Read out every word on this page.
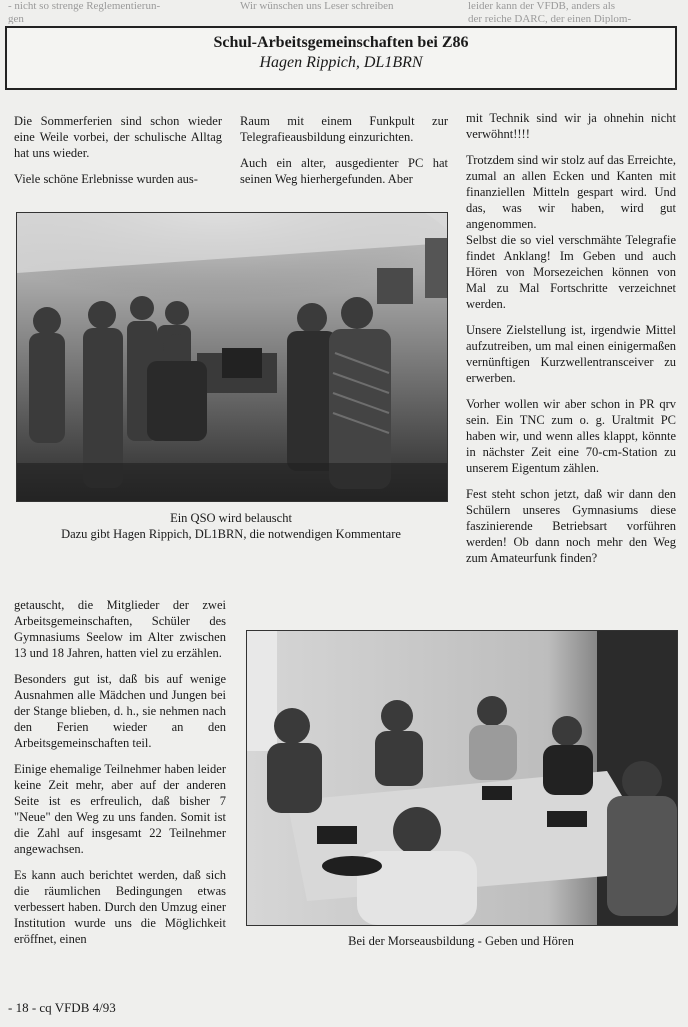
- nicht so strenge Reglementierun-
gen

Wir wünschen uns Leser schreiben	leider kann der VFDB, anders als
der reiche DARC, der einen Diplom-

Schul-Arbeitsgemeinschaften bei Z86
Hagen Rippich, DL1BRN

Die Sommerferien sind schon wieder eine Weile vorbei, der schulische Alltag hat uns wieder.

Viele schöne Erlebnisse wurden aus-

Raum mit einem Funkpult zur Telegrafieausbildung einzurichten.

Auch ein alter, ausgedienter PC hat seinen Weg hierhergefunden. Aber

mit Technik sind wir ja ohnehin nicht verwöhnt!!!!

Trotzdem sind wir stolz auf das Erreichte, zumal an allen Ecken und Kanten mit finanziellen Mitteln gespart wird. Und das, was wir haben, wird gut angenommen.

Selbst die so viel verschmähte Telegrafie findet Anklang! Im Geben und auch Hören von Morsezeichen können von Mal zu Mal Fortschritte verzeichnet werden.

Unsere Zielstellung ist, irgendwie Mittel aufzutreiben, um mal einen einigermaßen vernünftigen Kurzwellentransceiver zu erwerben.

Vorher wollen wir aber schon in PR qrv sein. Ein TNC zum o. g. Uraltmit PC haben wir, und wenn alles klappt, könnte in nächster Zeit eine 70-cm-Station zu unserem Eigentum zählen.

Fest steht schon jetzt, daß wir dann den Schülern unseres Gymnasiums diese faszinierende Betriebsart vorführen werden! Ob dann noch mehr den Weg zum Amateurfunk finden?

Ein QSO wird belauscht
Dazu gibt Hagen Rippich, DL1BRN, die notwendigen Kommentare

getauscht, die Mitglieder der zwei Arbeitsgemeinschaften, Schüler des Gymnasiums Seelow im Alter zwischen 13 und 18 Jahren, hatten viel zu erzählen.

Besonders gut ist, daß bis auf wenige Ausnahmen alle Mädchen und Jungen bei der Stange blieben, d. h., sie nehmen nach den Ferien wieder an den Arbeitsgemeinschaften teil.

Einige ehemalige Teilnehmer haben leider keine Zeit mehr, aber auf der anderen Seite ist es erfreulich, daß bisher 7 "Neue" den Weg zu uns fanden. Somit ist die Zahl auf insgesamt 22 Teilnehmer angewachsen.

Es kann auch berichtet werden, daß sich die räumlichen Bedingungen etwas verbessert haben. Durch den Umzug einer Institution wurde uns die Möglichkeit eröffnet, einen	Bei der Morseausbildung - Geben und Hören
- 18 - cq VFDB 4/93
